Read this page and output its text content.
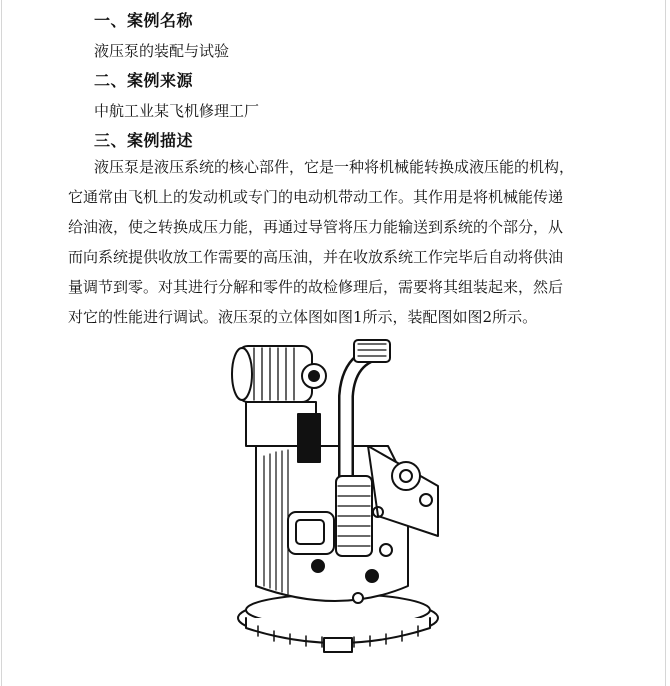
一、案例名称
液压泵的装配与试验
二、案例来源
中航工业某飞机修理工厂
三、案例描述
液压泵是液压系统的核心部件，它是一种将机械能转换成液压能的机构，
它通常由飞机上的发动机或专门的电动机带动工作。其作用是将机械能传递
给油液，使之转换成压力能，再通过导管将压力能输送到系统的个部分，从
而向系统提供收放工作需要的高压油，并在收放系统工作完毕后自动将供油
量调节到零。对其进行分解和零件的故检修理后，需要将其组装起来，然后
对它的性能进行调试。液压泵的立体图如图1所示，装配图如图2所示。
